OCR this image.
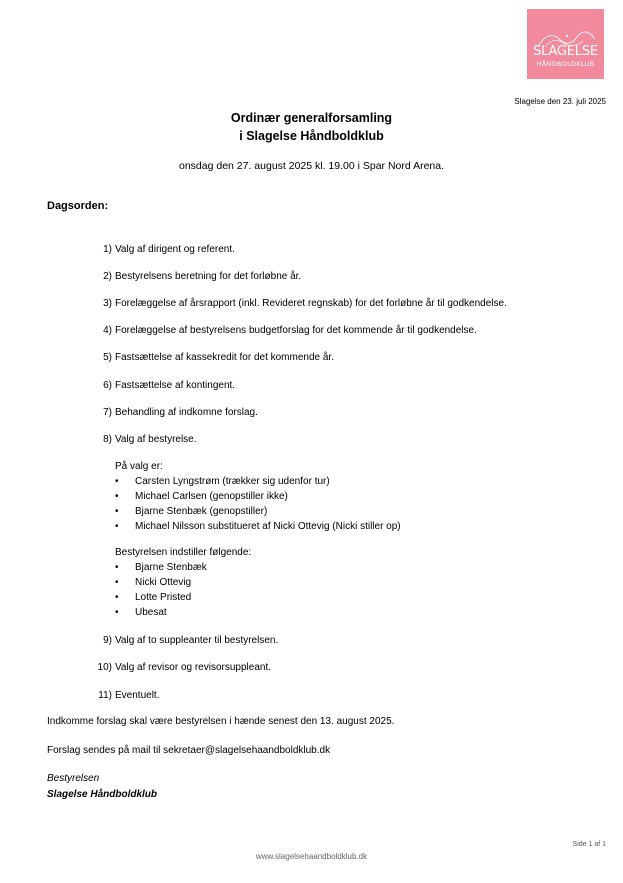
SLAGELSE
HÅNDBOLDKLUB
Slagelse den 23. juli 2025
Ordinær generalforsamling
i Slagelse Håndboldklub
onsdag den 27. august 2025 kl. 19.00 i Spar Nord Arena.
Dagsorden:
1) Valg af dirigent og referent.
2) Bestyrelsens beretning for det forløbne år.
3) Forelæggelse af årsrapport (inkl. Revideret regnskab) for det forløbne år til godkendelse.
4) Forelæggelse af bestyrelsens budgetforslag for det kommende år til godkendelse.
5) Fastsættelse af kassekredit for det kommende år.
6) Fastsættelse af kontingent.
7) Behandling af indkomne forslag.
8) Valg af bestyrelse.
På valg er:
• Carsten Lyngstrøm (trækker sig udenfor tur)
• Michael Carlsen (genopstiller ikke)
• Bjarne Stenbæk (genopstiller)
• Michael Nilsson substitueret af Nicki Ottevig (Nicki stiller op)
Bestyrelsen indstiller følgende:
• Bjarne Stenbæk
• Nicki Ottevig
• Lotte Pristed
• Ubesat
9) Valg af to suppleanter til bestyrelsen.
10) Valg af revisor og revisorsuppleant.
11) Eventuelt.
Indkomme forslag skal være bestyrelsen i hænde senest den 13. august 2025.
Forslag sendes på mail til sekretaer@slagelsehaandboldklub.dk
Bestyrelsen
Slagelse Håndboldklub
Side 1 af 1
www.slagelsehaandboldklub.dk
